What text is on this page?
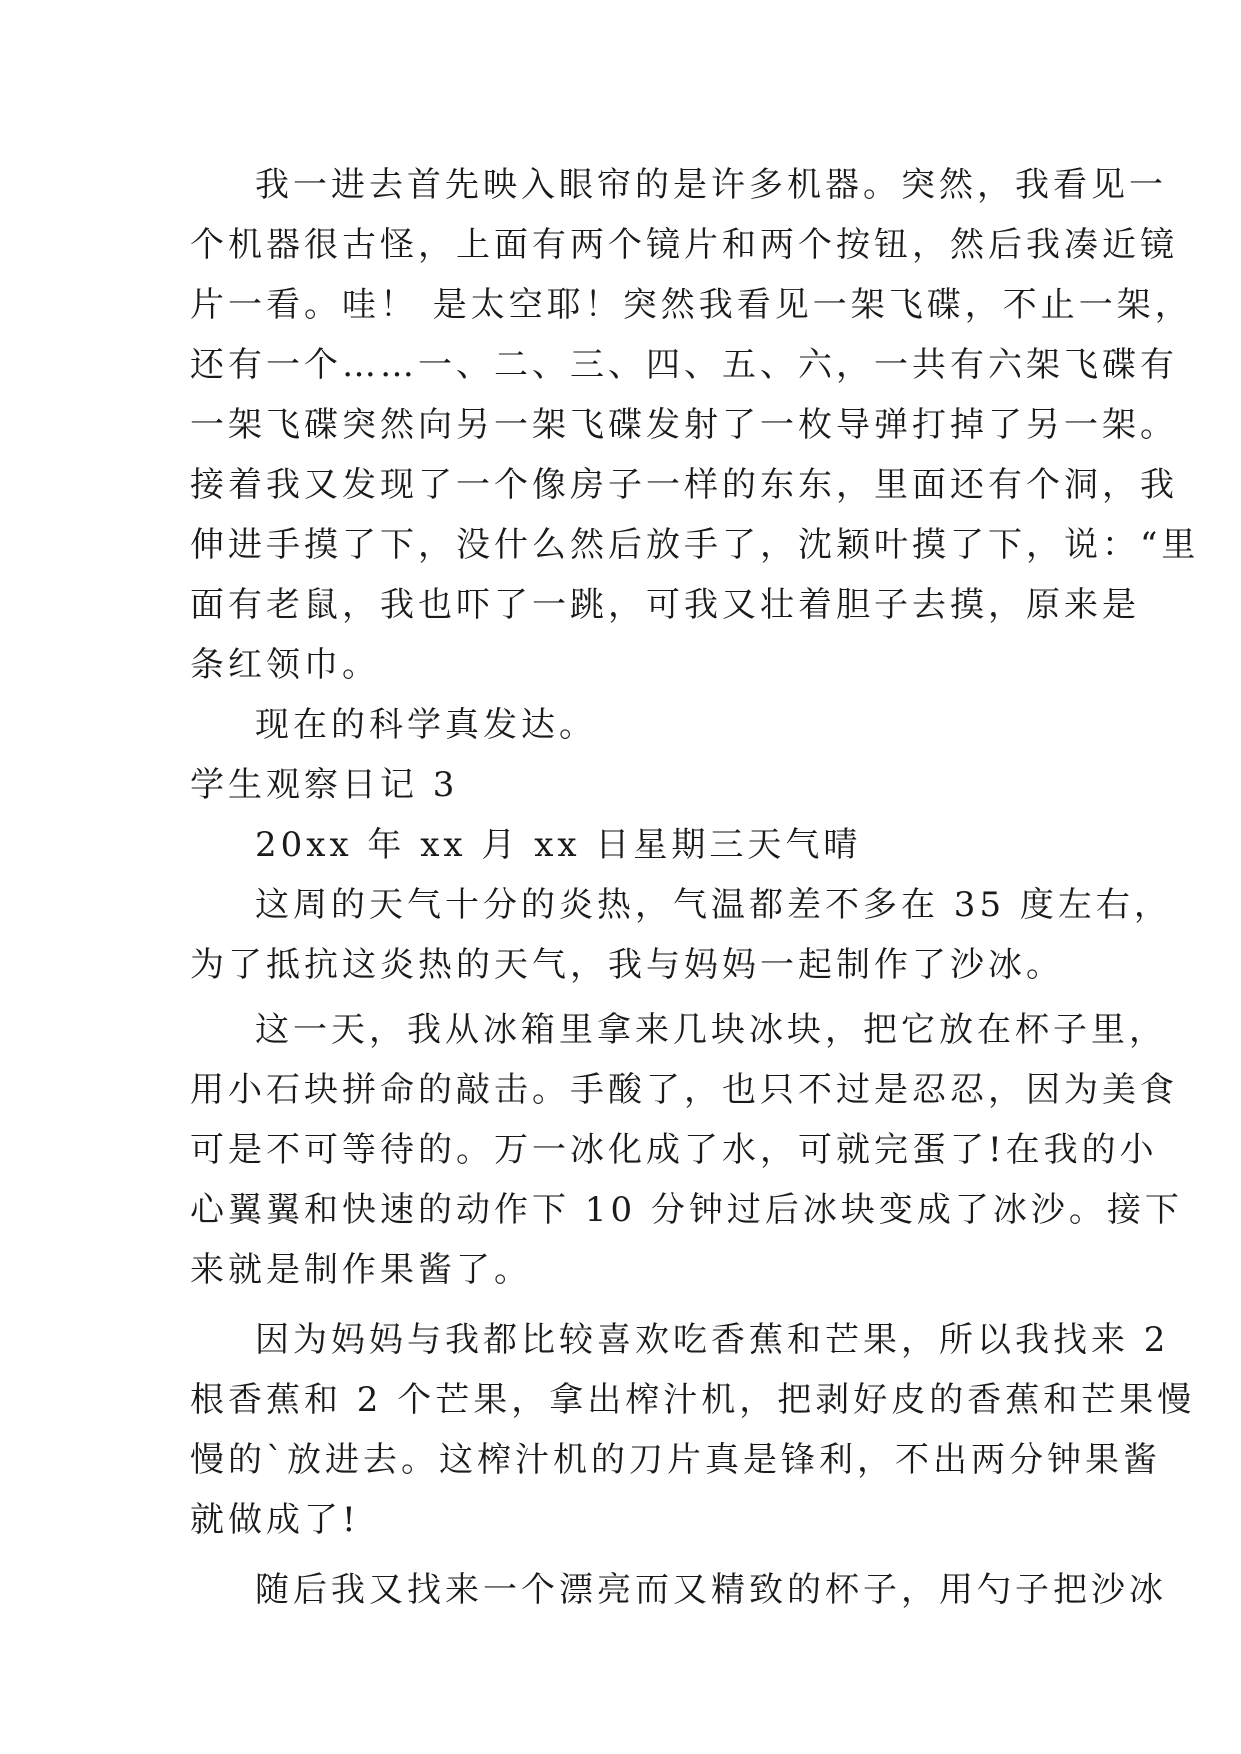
我一进去首先映入眼帘的是许多机器。突然，我看见一
个机器很古怪，上面有两个镜片和两个按钮，然后我凑近镜
片一看。哇！ 是太空耶！突然我看见一架飞碟，不止一架，
还有一个……一、二、三、四、五、六，一共有六架飞碟有
一架飞碟突然向另一架飞碟发射了一枚导弹打掉了另一架。
接着我又发现了一个像房子一样的东东，里面还有个洞，我
伸进手摸了下，没什么然后放手了，沈颖叶摸了下，说：“里
面有老鼠，我也吓了一跳，可我又壮着胆子去摸，原来是
条红领巾。
现在的科学真发达。
学生观察日记 3
20xx 年 xx 月 xx 日星期三天气晴
这周的天气十分的炎热，气温都差不多在 35 度左右，
为了抵抗这炎热的天气，我与妈妈一起制作了沙冰。
这一天，我从冰箱里拿来几块冰块，把它放在杯子里，
用小石块拼命的敲击。手酸了，也只不过是忍忍，因为美食
可是不可等待的。万一冰化成了水，可就完蛋了!在我的小
心翼翼和快速的动作下 10 分钟过后冰块变成了冰沙。接下
来就是制作果酱了。
因为妈妈与我都比较喜欢吃香蕉和芒果，所以我找来 2
根香蕉和 2 个芒果，拿出榨汁机，把剥好皮的香蕉和芒果慢
慢的`放进去。这榨汁机的刀片真是锋利，不出两分钟果酱
就做成了!
随后我又找来一个漂亮而又精致的杯子，用勺子把沙冰
